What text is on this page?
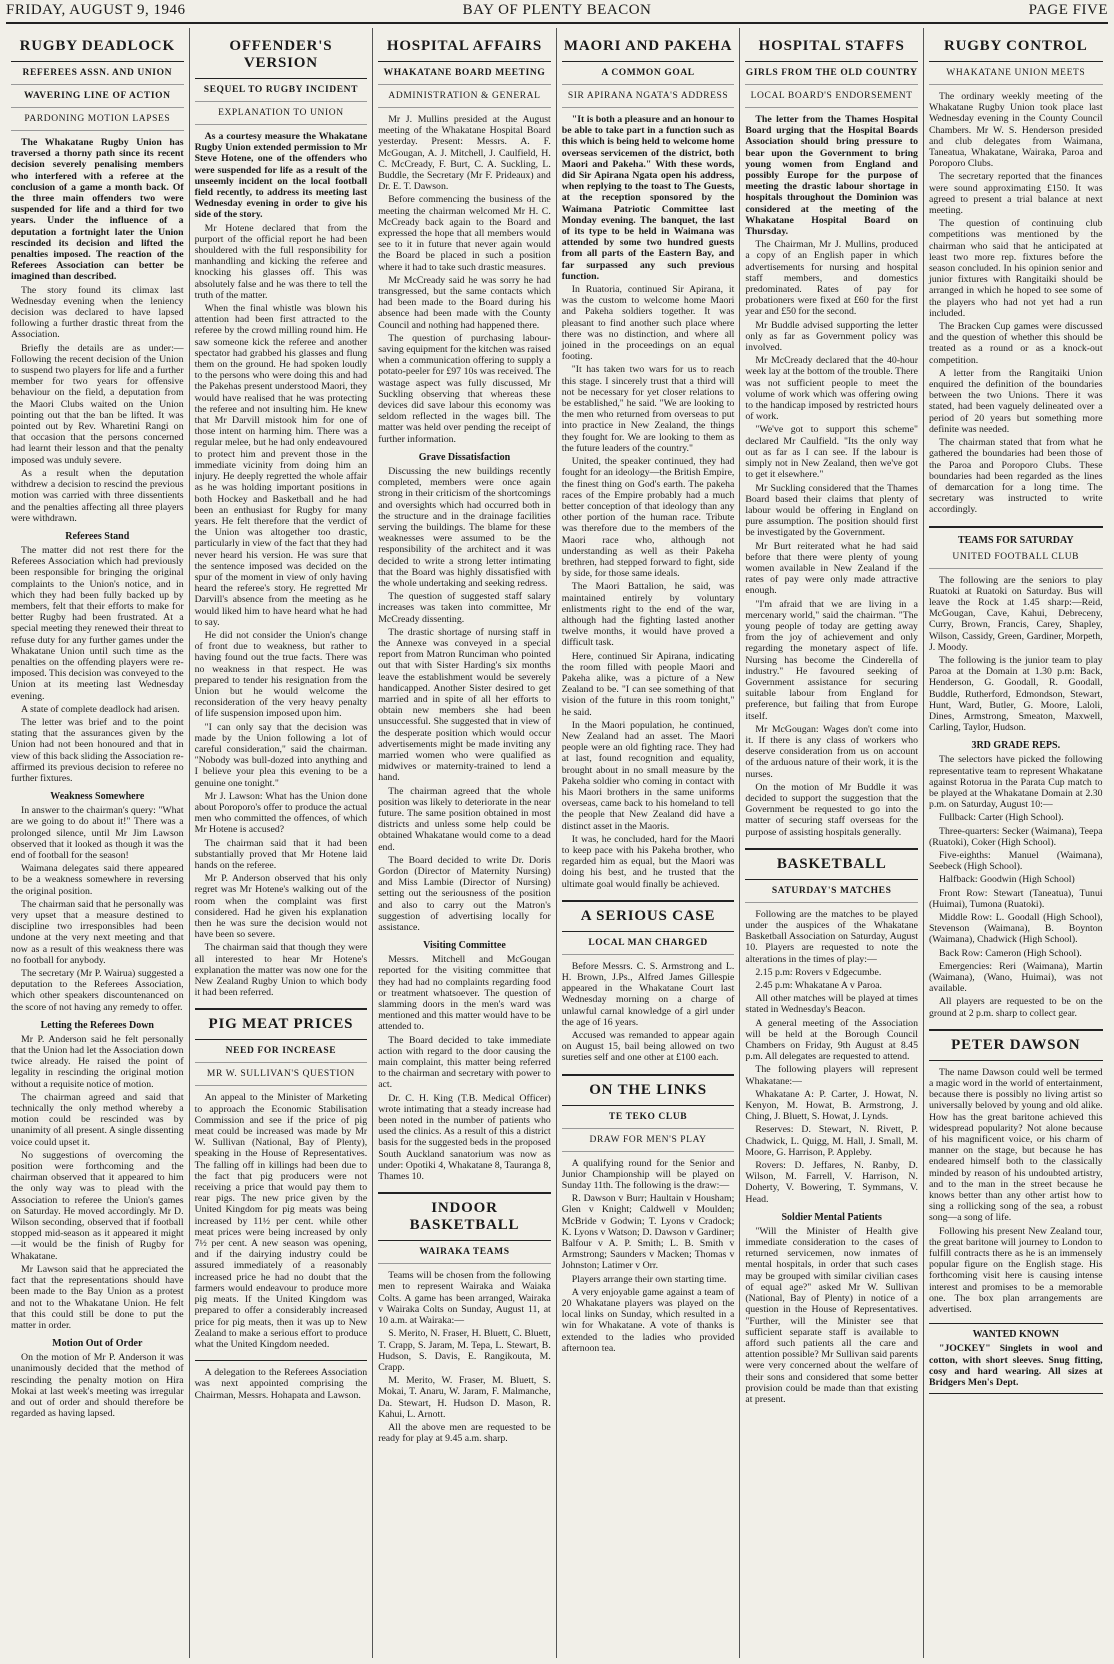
FRIDAY, AUGUST 9, 1946	BAY OF PLENTY BEACON	PAGE FIVE
RUGBY DEADLOCK
REFEREES ASSN. AND UNION
WAVERING LINE OF ACTION
PARDONING MOTION LAPSES

The Whakatane Rugby Union has traversed a thorny path since its recent decision severely penalising members who interfered with a referee at the conclusion of a game a month back. Of the three main offenders two were suspended for life and a third for two years. Under the influence of a deputation a fortnight later the Union rescinded its decision and lifted the penalties imposed. The reaction of the Referees Association can better be imagined than described.

The story found its climax last Wednesday evening when the leniency decision was declared to have lapsed following a further drastic threat from the Association.

Briefly the details are as under:— Following the recent decision of the Union to suspend two players for life and a further member for two years for offensive behaviour on the field, a deputation from the Maori Clubs waited on the Union pointing out that the ban be lifted. It was pointed out by Rev. Wharetini Rangi on that occasion that the persons concerned had learnt their lesson and that the penalty imposed was unduly severe.

As a result when the deputation withdrew a decision to rescind the previous motion was carried with three dissentients and the penalties affecting all three players were withdrawn.

Referees Stand

The matter did not rest there for the Referees Association which had previously been responsible for bringing the original complaints to the Union's notice, and in which they had been fully backed up by members, felt that their efforts to make for better Rugby had been frustrated. At a special meeting they renewed their threat to refuse duty for any further games under the Whakatane Union until such time as the penalties on the offending players were re-imposed. This decision was conveyed to the Union at its meeting last Wednesday evening.

A state of complete deadlock had arisen.

The letter was brief and to the point stating that the assurances given by the Union had not been honoured and that in view of this back sliding the Association re-affirmed its previous decision to referee no further fixtures.

Weakness Somewhere

In answer to the chairman's query: "What are we going to do about it!" There was a prolonged silence, until Mr Jim Lawson observed that it looked as though it was the end of football for the season!

Waimana delegates said there appeared to be a weakness somewhere in reversing the original position.

The chairman said that he personally was very upset that a measure destined to discipline two irresponsibles had been undone at the very next meeting and that now as a result of this weakness there was no football for anybody.

The secretary (Mr P. Wairua) suggested a deputation to the Referees Association, which other speakers discountenanced on the score of not having any remedy to offer.

Letting the Referees Down

Mr P. Anderson said he felt personally that the Union had let the Association down twice already. He raised the point of legality in rescinding the original motion without a requisite notice of motion.

The chairman agreed and said that technically the only method whereby a motion could be rescinded was by unanimity of all present. A single dissenting voice could upset it.

No suggestions of overcoming the position were forthcoming and the chairman observed that it appeared to him the only way was to plead with the Association to referee the Union's games on Saturday. He moved accordingly. Mr D. Wilson seconding, observed that if football stopped mid-season as it appeared it might—it would be the finish of Rugby for Whakatane.

Mr Lawson said that he appreciated the fact that the representations should have been made to the Bay Union as a protest and not to the Whakatane Union. He felt that this could still be done to put the matter in order.

Motion Out of Order

On the motion of Mr P. Anderson it was unanimously decided that the method of rescinding the penalty motion on Hira Mokai at last week's meeting was irregular and out of order and should therefore be regarded as having lapsed.

OFFENDER'S VERSION
SEQUEL TO RUGBY INCIDENT
EXPLANATION TO UNION

As a courtesy measure the Whakatane Rugby Union extended permission to Mr Steve Hotene, one of the offenders who were suspended for life as a result of the unseemly incident on the local football field recently, to address its meeting last Wednesday evening in order to give his side of the story.

Mr Hotene declared that from the purport of the official report he had been shouldered with the full responsibility for manhandling and kicking the referee and knocking his glasses off. This was absolutely false and he was there to tell the truth of the matter.

When the final whistle was blown his attention had been first attracted to the referee by the crowd milling round him. He saw someone kick the referee and another spectator had grabbed his glasses and flung them on the ground. He had spoken loudly to the persons who were doing this and had the Pakehas present understood Maori, they would have realised that he was protecting the referee and not insulting him. He knew that Mr Darvill mistook him for one of those intent on harming him. There was a regular melee, but he had only endeavoured to protect him and prevent those in the immediate vicinity from doing him an injury. He deeply regretted the whole affair as he was holding important positions in both Hockey and Basketball and he had been an enthusiast for Rugby for many years. He felt therefore that the verdict of the Union was altogether too drastic, particularly in view of the fact that they had never heard his version. He was sure that the sentence imposed was decided on the spur of the moment in view of only having heard the referee's story. He regretted Mr Darvill's absence from the meeting as he would liked him to have heard what he had to say.

He did not consider the Union's change of front due to weakness, but rather to having found out the true facts. There was no weakness in that respect. He was prepared to tender his resignation from the Union but he would welcome the reconsideration of the very heavy penalty of life suspension imposed upon him.

"I can only say that the decision was made by the Union following a lot of careful consideration," said the chairman. "Nobody was bull-dozed into anything and I believe your plea this evening to be a genuine one tonight."

Mr J. Lawson: What has the Union done about Poroporo's offer to produce the actual men who committed the offences, of which Mr Hotene is accused?

The chairman said that it had been substantially proved that Mr Hotene laid hands on the referee.

Mr P. Anderson observed that his only regret was Mr Hotene's walking out of the room when the complaint was first considered. Had he given his explanation then he was sure the decision would not have been so severe.

The chairman said that though they were all interested to hear Mr Hotene's explanation the matter was now one for the New Zealand Rugby Union to which body it had been referred.

PIG MEAT PRICES
NEED FOR INCREASE
MR W. SULLIVAN'S QUESTION

An appeal to the Minister of Marketing to approach the Economic Stabilisation Commission and see if the price of pig meat could be increased was made by Mr W. Sullivan (National, Bay of Plenty), speaking in the House of Representatives. The falling off in killings had been due to the fact that pig producers were not receiving a price that would pay them to rear pigs. The new price given by the United Kingdom for pig meats was being increased by 11½ per cent. while other meat prices were being increased by only 7½ per cent. A new season was opening, and if the dairying industry could be assured immediately of a reasonably increased price he had no doubt that the farmers would endeavour to produce more pig meats. If the United Kingdom was prepared to offer a considerably increased price for pig meats, then it was up to New Zealand to make a serious effort to produce what the United Kingdom needed.

A delegation to the Referees Association was next appointed comprising the Chairman, Messrs. Hohapata and Lawson.

HOSPITAL AFFAIRS
WHAKATANE BOARD MEETING
ADMINISTRATION & GENERAL

Mr J. Mullins presided at the August meeting of the Whakatane Hospital Board yesterday. Present: Messrs. A. F. McGougan, A. J. Mitchell, J. Caulfield, H. C. McCready, F. Burt, C. A. Suckling, L. Buddle, the Secretary (Mr F. Prideaux) and Dr. E. T. Dawson.

Before commencing the business of the meeting the chairman welcomed Mr H. C. McCready back again to the Board and expressed the hope that all members would see to it in future that never again would the Board be placed in such a position where it had to take such drastic measures.

Mr McCready said he was sorry he had transgressed, but the same contacts which had been made to the Board during his absence had been made with the County Council and nothing had happened there.

The question of purchasing labour-saving equipment for the kitchen was raised when a communication offering to supply a potato-peeler for £97 10s was received. The wastage aspect was fully discussed, Mr Suckling observing that whereas these devices did save labour this economy was seldom reflected in the wages bill. The matter was held over pending the receipt of further information.

Grave Dissatisfaction

Discussing the new buildings recently completed, members were once again strong in their criticism of the shortcomings and oversights which had occurred both in the structure and in the drainage facilities serving the buildings. The blame for these weaknesses were assumed to be the responsibility of the architect and it was decided to write a strong letter intimating that the Board was highly dissatisfied with the whole undertaking and seeking redress.

The question of suggested staff salary increases was taken into committee, Mr McCready dissenting.

The drastic shortage of nursing staff in the Annexe was conveyed in a special report from Matron Runciman who pointed out that with Sister Harding's six months leave the establishment would be severely handicapped. Another Sister desired to get married and in spite of all her efforts to obtain new members she had been unsuccessful. She suggested that in view of the desperate position which would occur advertisements might be made inviting any married women who were qualified as midwives or maternity-trained to lend a hand.

The chairman agreed that the whole position was likely to deteriorate in the near future. The same position obtained in most districts and unless some help could be obtained Whakatane would come to a dead end.

The Board decided to write Dr. Doris Gordon (Director of Maternity Nursing) and Miss Lambie (Director of Nursing) setting out the seriousness of the position and also to carry out the Matron's suggestion of advertising locally for assistance.

Visiting Committee

Messrs. Mitchell and McGougan reported for the visiting committee that they had had no complaints regarding food or treatment whatsoever. The question of slamming doors in the men's ward was mentioned and this matter would have to be attended to.

The Board decided to take immediate action with regard to the door causing the main complaint, this matter being referred to the chairman and secretary with power to act.

Dr. C. H. King (T.B. Medical Officer) wrote intimating that a steady increase had been noted in the number of patients who used the clinics. As a result of this a district basis for the suggested beds in the proposed South Auckland sanatorium was now as under: Opotiki 4, Whakatane 8, Tauranga 8, Thames 10.

INDOOR BASKETBALL
WAIRAKA TEAMS

Teams will be chosen from the following men to represent Wairaka and Waiaka Colts. A game has been arranged, Wairaka v Wairaka Colts on Sunday, August 11, at 10 a.m. at Wairaka:—

S. Merito, N. Fraser, H. Bluett, C. Bluett, T. Crapp, S. Jaram, M. Tepa, L. Stewart, B. Hudson, S. Davis, E. Rangikouta, M. Crapp.

M. Merito, W. Fraser, M. Bluett, S. Mokai, T. Anaru, W. Jaram, F. Malmanche, Da. Stewart, H. Hudson D. Mason, R. Kahui, L. Arnott.

All the above men are requested to be ready for play at 9.45 a.m. sharp.

MAORI AND PAKEHA
A COMMON GOAL
SIR APIRANA NGATA'S ADDRESS

"It is both a pleasure and an honour to be able to take part in a function such as this which is being held to welcome home overseas servicemen of the district, both Maori and Pakeha." With these words, did Sir Apirana Ngata open his address, when replying to the toast to The Guests, at the reception sponsored by the Waimana Patriotic Committee last Monday evening. The banquet, the last of its type to be held in Waimana was attended by some two hundred guests from all parts of the Eastern Bay, and far surpassed any such previous function.

In Ruatoria, continued Sir Apirana, it was the custom to welcome home Maori and Pakeha soldiers together. It was pleasant to find another such place where there was no distinction, and where all joined in the proceedings on an equal footing.

"It has taken two wars for us to reach this stage. I sincerely trust that a third will not be necessary for yet closer relations to be established," he said. "We are looking to the men who returned from overseas to put into practice in New Zealand, the things they fought for. We are looking to them as the future leaders of the country."

United, the speaker continued, they had fought for an ideology—the British Empire, the finest thing on God's earth. The pakeha races of the Empire probably had a much better conception of that ideology than any other portion of the human race. Tribute was therefore due to the members of the Maori race who, although not understanding as well as their Pakeha brethren, had stepped forward to fight, side by side, for those same ideals.

The Maori Battalion, he said, was maintained entirely by voluntary enlistments right to the end of the war, although had the fighting lasted another twelve months, it would have proved a difficult task.

Here, continued Sir Apirana, indicating the room filled with people Maori and Pakeha alike, was a picture of a New Zealand to be. "I can see something of that vision of the future in this room tonight," he said.

In the Maori population, he continued, New Zealand had an asset. The Maori people were an old fighting race. They had at last, found recognition and equality, brought about in no small measure by the Pakeha soldier who coming in contact with his Maori brothers in the same uniforms overseas, came back to his homeland to tell the people that New Zealand did have a distinct asset in the Maoris.

It was, he concluded, hard for the Maori to keep pace with his Pakeha brother, who regarded him as equal, but the Maori was doing his best, and he trusted that the ultimate goal would finally be achieved.

A SERIOUS CASE
LOCAL MAN CHARGED

Before Messrs. C. S. Armstrong and L. H. Brown, J.Ps., Alfred James Gillespie appeared in the Whakatane Court last Wednesday morning on a charge of unlawful carnal knowledge of a girl under the age of 16 years.

Accused was remanded to appear again on August 15, bail being allowed on two sureties self and one other at £100 each.

ON THE LINKS
TE TEKO CLUB
DRAW FOR MEN'S PLAY

A qualifying round for the Senior and Junior Championship will be played on Sunday 11th. The following is the draw:—

R. Dawson v Burr; Haultain v Housham; Glen v Knight; Caldwell v Moulden; McBride v Godwin; T. Lyons v Cradock; K. Lyons v Watson; D. Dawson v Gardiner; Balfour v A. P. Smith; L. B. Smith v Armstrong; Saunders v Macken; Thomas v Johnston; Latimer v Orr.

Players arrange their own starting time.

A very enjoyable game against a team of 20 Whakatane players was played on the local links on Sunday, which resulted in a win for Whakatane. A vote of thanks is extended to the ladies who provided afternoon tea.

HOSPITAL STAFFS
GIRLS FROM THE OLD COUNTRY
LOCAL BOARD'S ENDORSEMENT

The letter from the Thames Hospital Board urging that the Hospital Boards Association should bring pressure to bear upon the Government to bring young women from England and possibly Europe for the purpose of meeting the drastic labour shortage in hospitals throughout the Dominion was considered at the meeting of the Whakatane Hospital Board on Thursday.

The Chairman, Mr J. Mullins, produced a copy of an English paper in which advertisements for nursing and hospital staff members, and domestics predominated. Rates of pay for probationers were fixed at £60 for the first year and £50 for the second.

Mr Buddle advised supporting the letter only as far as Government policy was involved.

Mr McCready declared that the 40-hour week lay at the bottom of the trouble. There was not sufficient people to meet the volume of work which was offering owing to the handicap imposed by restricted hours of work.

"We've got to support this scheme" declared Mr Caulfield. "Its the only way out as far as I can see. If the labour is simply not in New Zealand, then we've got to get it elsewhere."

Mr Suckling considered that the Thames Board based their claims that plenty of labour would be offering in England on pure assumption. The position should first be investigated by the Government.

Mr Burt reiterated what he had said before that there were plenty of young women available in New Zealand if the rates of pay were only made attractive enough.

"I'm afraid that we are living in a mercenary world," said the chairman. "The young people of today are getting away from the joy of achievement and only regarding the monetary aspect of life. Nursing has become the Cinderella of industry." He favoured seeking of Government assistance for securing suitable labour from England for preference, but failing that from Europe itself.

Mr McGougan: Wages don't come into it. If there is any class of workers who deserve consideration from us on account of the arduous nature of their work, it is the nurses.

On the motion of Mr Buddle it was decided to support the suggestion that the Government be requested to go into the matter of securing staff overseas for the purpose of assisting hospitals generally.

BASKETBALL
SATURDAY'S MATCHES

Following are the matches to be played under the auspices of the Whakatane Basketball Association on Saturday, August 10. Players are requested to note the alterations in the times of play:—

2.15 p.m: Rovers v Edgecumbe.

2.45 p.m: Whakatane A v Paroa.

All other matches will be played at times stated in Wednesday's Beacon.

A general meeting of the Association will be held at the Borough Council Chambers on Friday, 9th August at 8.45 p.m. All delegates are requested to attend.

The following players will represent Whakatane:—

Whakatane A: P. Carter, J. Howat, N. Kenyon, M. Howat, B. Armstrong, J. Ching, J. Bluett, S. Howat, J. Lynds.

Reserves: D. Stewart, N. Rivett, P. Chadwick, L. Quigg, M. Hall, J. Small, M. Moore, G. Harrison, P. Appleby.

Rovers: D. Jeffares, N. Ranby, D. Wilson, M. Farrell, V. Harrison, N. Doherty, V. Bowering, T. Symmans, V. Head.

Soldier Mental Patients

"Will the Minister of Health give immediate consideration to the cases of returned servicemen, now inmates of mental hospitals, in order that such cases may be grouped with similar civilian cases of equal age?" asked Mr W. Sullivan (National, Bay of Plenty) in notice of a question in the House of Representatives. "Further, will the Minister see that sufficient separate staff is available to afford such patients all the care and attention possible? Mr Sullivan said parents were very concerned about the welfare of their sons and considered that some better provision could be made than that existing at present.

RUGBY CONTROL
WHAKATANE UNION MEETS

The ordinary weekly meeting of the Whakatane Rugby Union took place last Wednesday evening in the County Council Chambers. Mr W. S. Henderson presided and club delegates from Waimana, Taneatua, Whakatane, Wairaka, Paroa and Poroporo Clubs.

The secretary reported that the finances were sound approximating £150. It was agreed to present a trial balance at next meeting.

The question of continuing club competitions was mentioned by the chairman who said that he anticipated at least two more rep. fixtures before the season concluded. In his opinion senior and junior fixtures with Rangitaiki should be arranged in which he hoped to see some of the players who had not yet had a run included.

The Bracken Cup games were discussed and the question of whether this should be treated as a round or as a knock-out competition.

A letter from the Rangitaiki Union enquired the definition of the boundaries between the two Unions. There it was stated, had been vaguely delineated over a period of 20 years but something more definite was needed.

The chairman stated that from what he gathered the boundaries had been those of the Paroa and Poroporo Clubs. These boundaries had been regarded as the lines of demarcation for a long time. The secretary was instructed to write accordingly.

TEAMS FOR SATURDAY
UNITED FOOTBALL CLUB

The following are the seniors to play Ruatoki at Ruatoki on Saturday. Bus will leave the Rock at 1.45 sharp:—Reid, McGougan, Cave, Kahui, Debreceny, Curry, Brown, Francis, Carey, Shapley, Wilson, Cassidy, Green, Gardiner, Morpeth, J. Moody.

The following is the junior team to play Paroa at the Domain at 1.30 p.m: Back, Henderson, G. Goodall, R. Goodall, Buddle, Rutherford, Edmondson, Stewart, Hunt, Ward, Butler, G. Moore, Laloli, Dines, Armstrong, Smeaton, Maxwell, Carling, Taylor, Hudson.

3RD GRADE REPS.

The selectors have picked the following representative team to represent Whakatane against Rotorua in the Parata Cup match to be played at the Whakatane Domain at 2.30 p.m. on Saturday, August 10:—

Fullback: Carter (High School).

Three-quarters: Secker (Waimana), Teepa (Ruatoki), Coker (High School).

Five-eighths: Manuel (Waimana), Seebeck (High School).

Halfback: Goodwin (High School)

Front Row: Stewart (Taneatua), Tunui (Huimai), Tumona (Ruatoki).

Middle Row: L. Goodall (High School), Stevenson (Waimana), B. Boynton (Waimana), Chadwick (High School).

Back Row: Cameron (High School).

Emergencies: Reri (Waimana), Martin (Waimana), (Wano, Huimai), was not available.

All players are requested to be on the ground at 2 p.m. sharp to collect gear.

PETER DAWSON

The name Dawson could well be termed a magic word in the world of entertainment, because there is possibly no living artist so universally beloved by young and old alike. How has the great baritone achieved this widespread popularity? Not alone because of his magnificent voice, or his charm of manner on the stage, but because he has endeared himself both to the classically minded by reason of his undoubted artistry, and to the man in the street because he knows better than any other artist how to sing a rollicking song of the sea, a robust song—a song of life.

Following his present New Zealand tour, the great baritone will journey to London to fulfill contracts there as he is an immensely popular figure on the English stage. His forthcoming visit here is causing intense interest and promises to be a memorable one. The box plan arrangements are advertised.

WANTED KNOWN

"JOCKEY" Singlets in wool and cotton, with short sleeves. Snug fitting, cosy and hard wearing. All sizes at Bridgers Men's Dept.
